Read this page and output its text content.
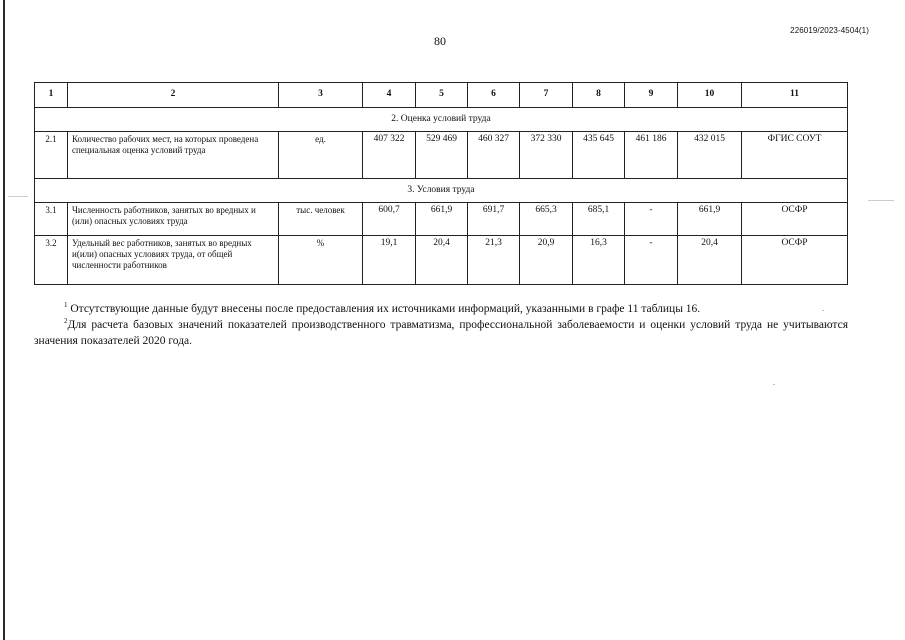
226019/2023-4504(1)
80
1	2	3	4	5	6	7	8	9	10	11
2. Оценка условий труда										
2.1	Количество рабочих мест, на которых проведена специальная оценка условий труда	ед.	407 322	529 469	460 327	372 330	435 645	461 186	432 015	ФГИС СОУТ
3. Условия труда										
3.1	Численность работников, занятых во вредных и (или) опасных условиях труда	тыс. человек	600,7	661,9	691,7	665,3	685,1	-	661,9	ОСФР
3.2	Удельный вес работников, занятых во вредных и(или) опасных условиях труда, от общей численности работников	%	19,1	20,4	21,3	20,9	16,3	-	20,4	ОСФР

$^1$ Отсутствующие данные будут внесены после предоставления их источниками информаций, указанными в графе 11 таблицы 16.

$^2$Для расчета базовых значений показателей производственного травматизма, профессиональной заболеваемости и оценки условий труда не учитываются значения показателей 2020 года.
